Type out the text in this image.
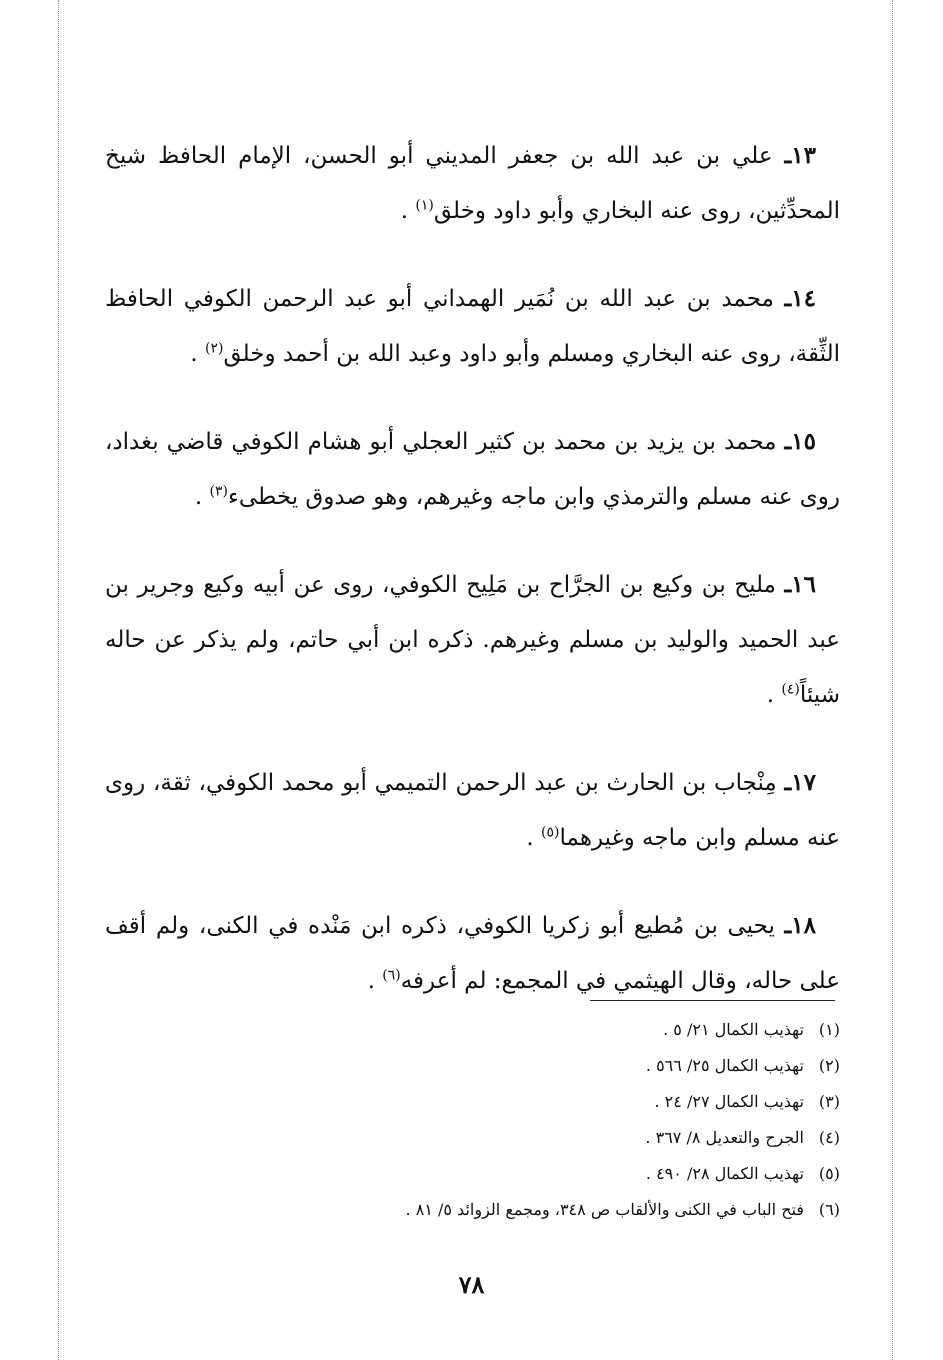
١٣ـ علي بن عبد الله بن جعفر المديني أبو الحسن، الإمام الحافظ شيخ المحدِّثين، روى عنه البخاري وأبو داود وخلق$^{(١)}$ .

١٤ـ محمد بن عبد الله بن نُمَير الهمداني أبو عبد الرحمن الكوفي الحافظ الثِّقة، روى عنه البخاري ومسلم وأبو داود وعبد الله بن أحمد وخلق$^{(٢)}$ .

١٥ـ محمد بن يزيد بن محمد بن كثير العجلي أبو هشام الكوفي قاضي بغداد، روى عنه مسلم والترمذي وابن ماجه وغيرهم، وهو صدوق يخطىء$^{(٣)}$ .

١٦ـ مليح بن وكيع بن الجرَّاح بن مَلِيح الكوفي، روى عن أبيه وكيع وجرير بن عبد الحميد والوليد بن مسلم وغيرهم. ذكره ابن أبي حاتم، ولم يذكر عن حاله شيئاً$^{(٤)}$ .

١٧ـ مِنْجاب بن الحارث بن عبد الرحمن التميمي أبو محمد الكوفي، ثقة، روى عنه مسلم وابن ماجه وغيرهما$^{(٥)}$ .

١٨ـ يحيى بن مُطيع أبو زكريا الكوفي، ذكره ابن مَنْده في الكنى، ولم أقف على حاله، وقال الهيثمي في المجمع: لم أعرفه$^{(٦)}$ .

(١)تهذيب الكمال ٢١/ ٥ .
(٢)تهذيب الكمال ٢٥/ ٥٦٦ .
(٣)تهذيب الكمال ٢٧/ ٢٤ .
(٤)الجرح والتعديل ٨/ ٣٦٧ .
(٥)تهذيب الكمال ٢٨/ ٤٩٠ .
(٦)فتح الباب في الكنى والألقاب ص ٣٤٨، ومجمع الزوائد ٥/ ٨١ .
٧٨
